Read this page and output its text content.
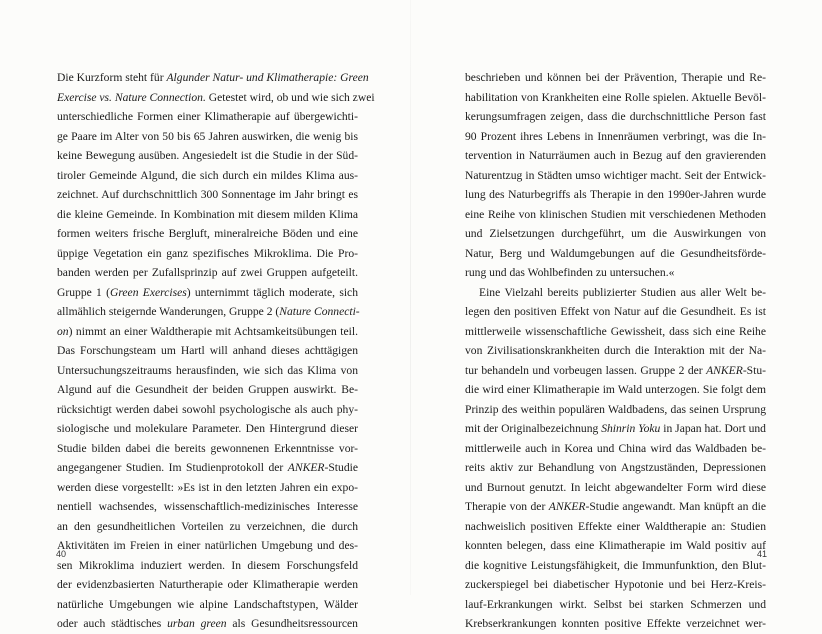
Die Kurzform steht für Algunder Natur- und Klimatherapie: Green
Exercise vs. Nature Connection. Getestet wird, ob und wie sich zwei
unterschiedliche Formen einer Klimatherapie auf übergewichti-
ge Paare im Alter von 50 bis 65 Jahren auswirken, die wenig bis
keine Bewegung ausüben. Angesiedelt ist die Studie in der Süd-
tiroler Gemeinde Algund, die sich durch ein mildes Klima aus-
zeichnet. Auf durchschnittlich 300 Sonnentage im Jahr bringt es
die kleine Gemeinde. In Kombination mit diesem milden Klima
formen weiters frische Bergluft, mineralreiche Böden und eine
üppige Vegetation ein ganz spezifisches Mikroklima. Die Pro-
banden werden per Zufallsprinzip auf zwei Gruppen aufgeteilt.
Gruppe 1 (Green Exercises) unternimmt täglich moderate, sich
allmählich steigernde Wanderungen, Gruppe 2 (Nature Connecti-
on) nimmt an einer Waldtherapie mit Achtsamkeitsübungen teil.
Das Forschungsteam um Hartl will anhand dieses achttägigen
Untersuchungszeitraums herausfinden, wie sich das Klima von
Algund auf die Gesundheit der beiden Gruppen auswirkt. Be-
rücksichtigt werden dabei sowohl psychologische als auch phy-
siologische und molekulare Parameter. Den Hintergrund dieser
Studie bilden dabei die bereits gewonnenen Erkenntnisse vor-
angegangener Studien. Im Studienprotokoll der ANKER-Studie
werden diese vorgestellt: »Es ist in den letzten Jahren ein expo-
nentiell wachsendes, wissenschaftlich-medizinisches Interesse
an den gesundheitlichen Vorteilen zu verzeichnen, die durch
Aktivitäten im Freien in einer natürlichen Umgebung und des-
sen Mikroklima induziert werden. In diesem Forschungsfeld
der evidenzbasierten Naturtherapie oder Klimatherapie werden
natürliche Umgebungen wie alpine Landschaftstypen, Wälder
oder auch städtisches urban green als Gesundheitsressourcen
40
beschrieben und können bei der Prävention, Therapie und Re-
habilitation von Krankheiten eine Rolle spielen. Aktuelle Bevöl-
kerungsumfragen zeigen, dass die durchschnittliche Person fast
90 Prozent ihres Lebens in Innenräumen verbringt, was die In-
tervention in Naturräumen auch in Bezug auf den gravierenden
Naturentzug in Städten umso wichtiger macht. Seit der Entwick-
lung des Naturbegriffs als Therapie in den 1990er-Jahren wurde
eine Reihe von klinischen Studien mit verschiedenen Methoden
und Zielsetzungen durchgeführt, um die Auswirkungen von
Natur, Berg und Waldumgebungen auf die Gesundheitsförde-
rung und das Wohlbefinden zu untersuchen.«
Eine Vielzahl bereits publizierter Studien aus aller Welt be-
legen den positiven Effekt von Natur auf die Gesundheit. Es ist
mittlerweile wissenschaftliche Gewissheit, dass sich eine Reihe
von Zivilisationskrankheiten durch die Interaktion mit der Na-
tur behandeln und vorbeugen lassen. Gruppe 2 der ANKER-Stu-
die wird einer Klimatherapie im Wald unterzogen. Sie folgt dem
Prinzip des weithin populären Waldbadens, das seinen Ursprung
mit der Originalbezeichnung Shinrin Yoku in Japan hat. Dort und
mittlerweile auch in Korea und China wird das Waldbaden be-
reits aktiv zur Behandlung von Angstzuständen, Depressionen
und Burnout genutzt. In leicht abgewandelter Form wird diese
Therapie von der ANKER-Studie angewandt. Man knüpft an die
nachweislich positiven Effekte einer Waldtherapie an: Studien
konnten belegen, dass eine Klimatherapie im Wald positiv auf
die kognitive Leistungsfähigkeit, die Immunfunktion, den Blut-
zuckerspiegel bei diabetischer Hypotonie und bei Herz-Kreis-
lauf-Erkrankungen wirkt. Selbst bei starken Schmerzen und
Krebserkrankungen konnten positive Effekte verzeichnet wer-
41
